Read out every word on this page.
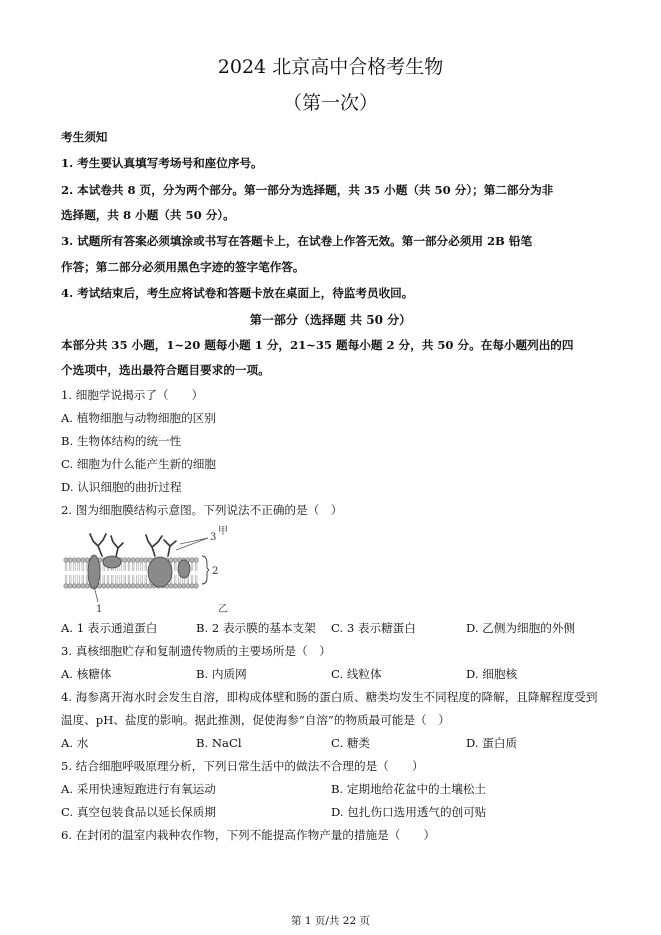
2024 北京高中合格考生物
（第一次）
考生须知
1. 考生要认真填写考场号和座位序号。
2. 本试卷共 8 页，分为两个部分。第一部分为选择题，共 35 小题（共 50 分）；第二部分为非
选择题，共 8 小题（共 50 分）。
3. 试题所有答案必须填涂或书写在答题卡上，在试卷上作答无效。第一部分必须用 2B 铅笔
作答；第二部分必须用黑色字迹的签字笔作答。
4. 考试结束后，考生应将试卷和答题卡放在桌面上，待监考员收回。
第一部分（选择题 共 50 分）
本部分共 35 小题，1~20 题每小题 1 分，21~35 题每小题 2 分，共 50 分。在每小题列出的四
个选项中，选出最符合题目要求的一项。
1. 细胞学说揭示了（　　）
A. 植物细胞与动物细胞的区别
B. 生物体结构的统一性
C. 细胞为什么能产生新的细胞
D. 认识细胞的曲折过程
2. 图为细胞膜结构示意图。下列说法不正确的是（　）
3
甲
2
1	乙
A. 1 表示通道蛋白	B. 2 表示膜的基本支架 C. 3 表示糖蛋白	D. 乙侧为细胞的外侧
3. 真核细胞贮存和复制遗传物质的主要场所是（　）
A. 核糖体	B. 内质网	C. 线粒体	D. 细胞核
4. 海参离开海水时会发生自溶，即构成体壁和肠的蛋白质、糖类均发生不同程度的降解，且降解程度受到
温度、pH、盐度的影响。据此推测，促使海参“自溶”的物质最可能是（　）
A. 水	B. NaCl	C. 糖类	D. 蛋白质
5. 结合细胞呼吸原理分析，下列日常生活中的做法不合理的是（　　）
A. 采用快速短跑进行有氧运动	B. 定期地给花盆中的土壤松土
C. 真空包装食品以延长保质期	D. 包扎伤口选用透气的创可贴
6. 在封闭的温室内栽种农作物，下列不能提高作物产量的措施是（　　）
第 1 页/共 22 页
